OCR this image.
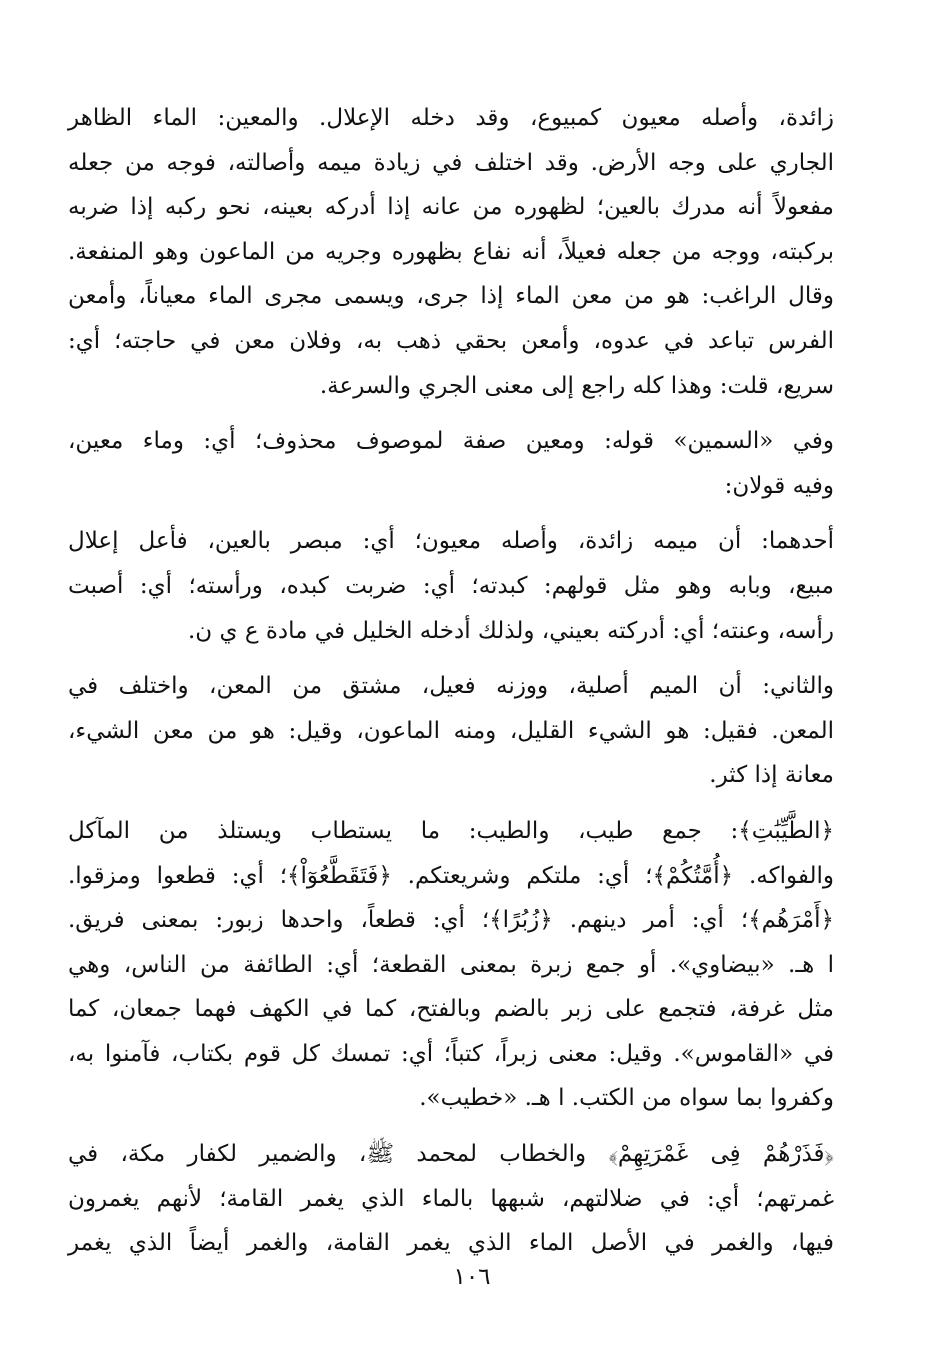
زائدة، وأصله معيون كمبيوع، وقد دخله الإعلال. والمعين: الماء الظاهر
الجاري على وجه الأرض. وقد اختلف في زيادة ميمه وأصالته، فوجه من جعله
مفعولاً أنه مدرك بالعين؛ لظهوره من عانه إذا أدركه بعينه، نحو ركبه إذا ضربه
بركبته، ووجه من جعله فعيلاً، أنه نفاع بظهوره وجريه من الماعون وهو المنفعة.
وقال الراغب: هو من معن الماء إذا جرى، ويسمى مجرى الماء معياناً، وأمعن
الفرس تباعد في عدوه، وأمعن بحقي ذهب به، وفلان معن في حاجته؛ أي:
سريع، قلت: وهذا كله راجع إلى معنى الجري والسرعة.

وفي «السمين» قوله: ومعين صفة لموصوف محذوف؛ أي: وماء معين،
وفيه قولان:

أحدهما: أن ميمه زائدة، وأصله معيون؛ أي: مبصر بالعين، فأعل إعلال
مبيع، وبابه وهو مثل قولهم: كبدته؛ أي: ضربت كبده، ورأسته؛ أي: أصبت
رأسه، وعنته؛ أي: أدركته بعيني، ولذلك أدخله الخليل في مادة ع ي ن.

والثاني: أن الميم أصلية، ووزنه فعيل، مشتق من المعن، واختلف في
المعن. فقيل: هو الشيء القليل، ومنه الماعون، وقيل: هو من معن الشيء،
معانة إذا كثر.

﴿الطَّيِّبَٰتِ﴾: جمع طيب، والطيب: ما يستطاب ويستلذ من المآكل
والفواكه. ﴿أُمَّتُكُمْ﴾؛ أي: ملتكم وشريعتكم. ﴿فَتَقَطَّعُوٓاْ﴾؛ أي: قطعوا ومزقوا.
﴿أَمْرَهُم﴾؛ أي: أمر دينهم. ﴿زُبُرًا﴾؛ أي: قطعاً، واحدها زبور: بمعنى فريق.
ا هـ. «بيضاوي». أو جمع زبرة بمعنى القطعة؛ أي: الطائفة من الناس، وهي
مثل غرفة، فتجمع على زبر بالضم وبالفتح، كما في الكهف فهما جمعان، كما
في «القاموس». وقيل: معنى زبراً، كتباً؛ أي: تمسك كل قوم بكتاب، فآمنوا به،
وكفروا بما سواه من الكتب. ا هـ. «خطيب».

﴿فَذَرْهُمْ فِى غَمْرَتِهِمْ﴾ والخطاب لمحمد ﷺ، والضمير لكفار مكة، في
غمرتهم؛ أي: في ضلالتهم، شبهها بالماء الذي يغمر القامة؛ لأنهم يغمرون
فيها، والغمر في الأصل الماء الذي يغمر القامة، والغمر أيضاً الذي يغمر

١٠٦
